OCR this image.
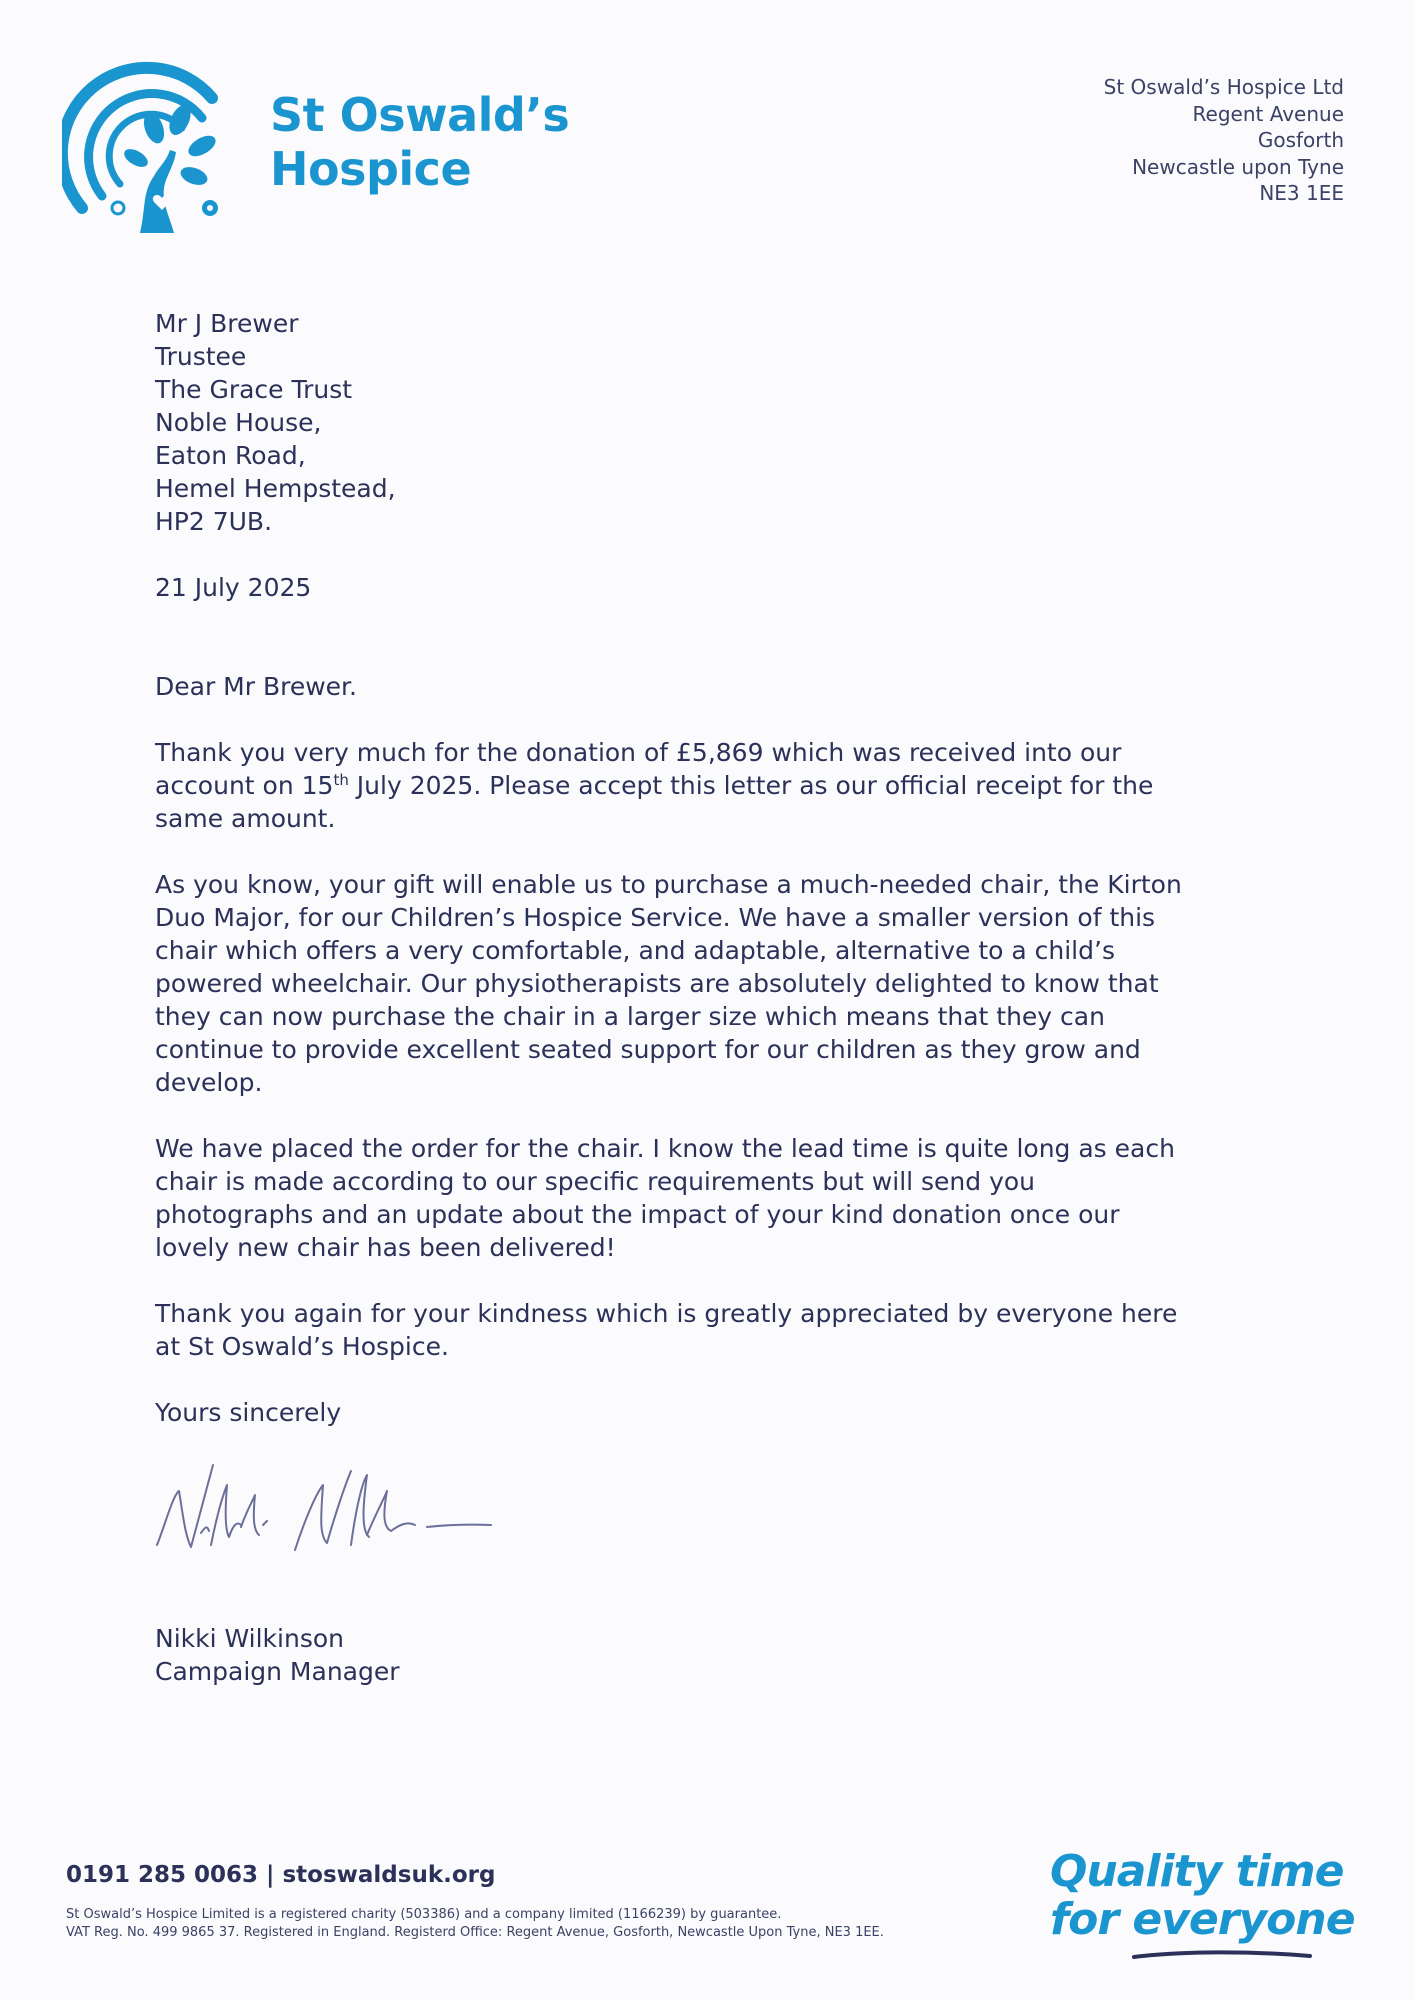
St Oswald’s
Hospice
St Oswald’s Hospice Ltd
Regent Avenue
Gosforth
Newcastle upon Tyne
NE3 1EE
Mr J Brewer
Trustee
The Grace Trust
Noble House,
Eaton Road,
Hemel Hempstead,
HP2 7UB.
21 July 2025
Dear Mr Brewer.
Thank you very much for the donation of £5,869 which was received into our
account on 15th July 2025. Please accept this letter as our official receipt for the
same amount.
As you know, your gift will enable us to purchase a much-needed chair, the Kirton
Duo Major, for our Children’s Hospice Service. We have a smaller version of this
chair which offers a very comfortable, and adaptable, alternative to a child’s
powered wheelchair. Our physiotherapists are absolutely delighted to know that
they can now purchase the chair in a larger size which means that they can
continue to provide excellent seated support for our children as they grow and
develop.
We have placed the order for the chair. I know the lead time is quite long as each
chair is made according to our specific requirements but will send you
photographs and an update about the impact of your kind donation once our
lovely new chair has been delivered!
Thank you again for your kindness which is greatly appreciated by everyone here
at St Oswald’s Hospice.
Yours sincerely
Nikki Wilkinson
Campaign Manager
0191 285 0063 | stoswaldsuk.org
St Oswald’s Hospice Limited is a registered charity (503386) and a company limited (1166239) by guarantee.
VAT Reg. No. 499 9865 37. Registered in England. Registerd Office: Regent Avenue, Gosforth, Newcastle Upon Tyne, NE3 1EE.
Quality time
for everyone
